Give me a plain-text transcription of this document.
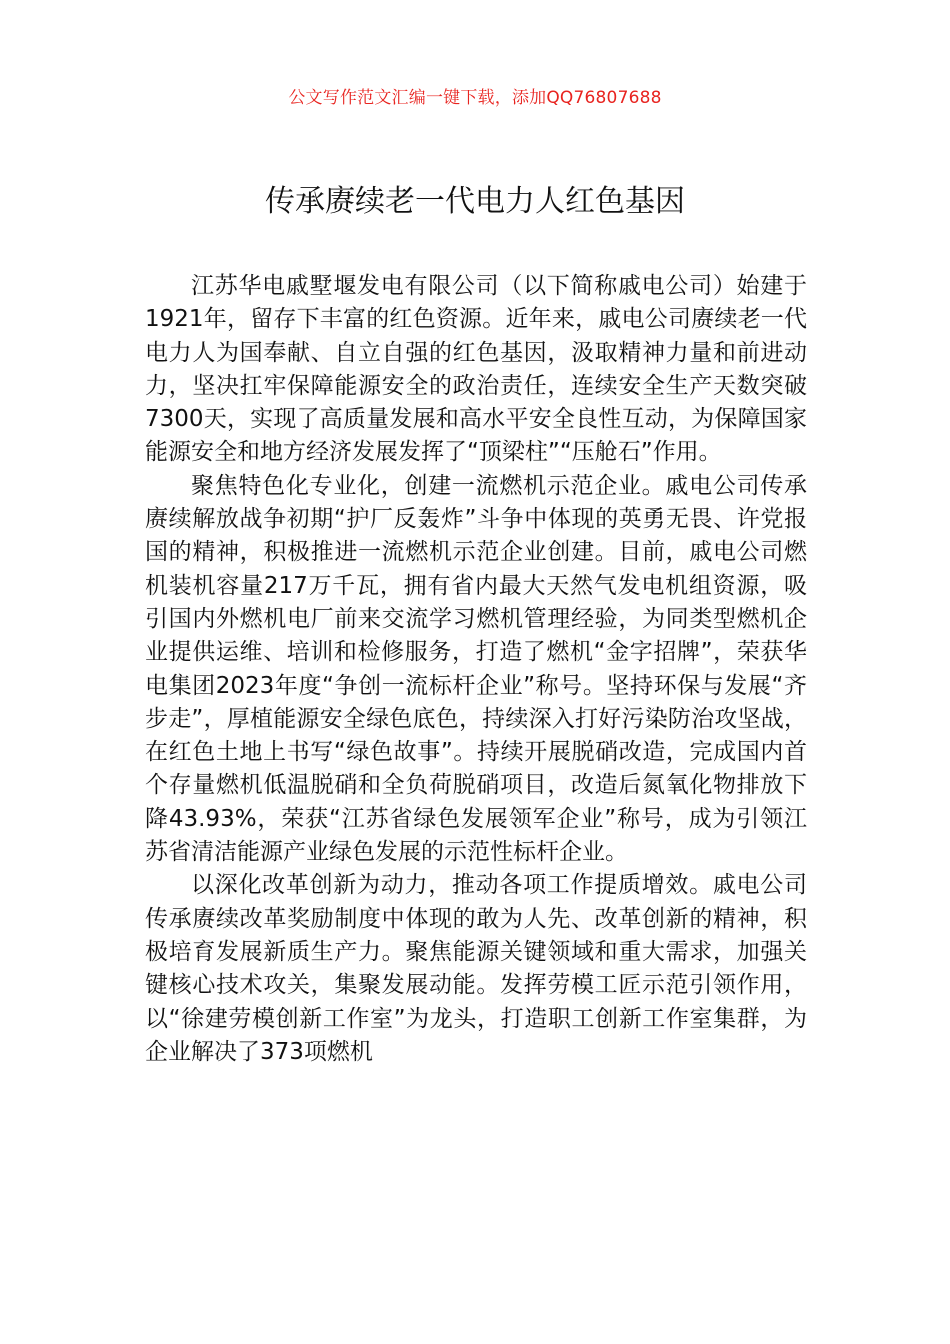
公文写作范文汇编一键下载，添加QQ76807688
传承赓续老一代电力人红色基因

江苏华电戚墅堰发电有限公司（以下简称戚电公司）始建于1921年，留存下丰富的红色资源。近年来，戚电公司赓续老一代电力人为国奉献、自立自强的红色基因，汲取精神力量和前进动力，坚决扛牢保障能源安全的政治责任，连续安全生产天数突破7300天，实现了高质量发展和高水平安全良性互动，为保障国家能源安全和地方经济发展发挥了“顶梁柱”“压舱石”作用。

聚焦特色化专业化，创建一流燃机示范企业。戚电公司传承赓续解放战争初期“护厂反轰炸”斗争中体现的英勇无畏、许党报国的精神，积极推进一流燃机示范企业创建。目前，戚电公司燃机装机容量217万千瓦，拥有省内最大天然气发电机组资源，吸引国内外燃机电厂前来交流学习燃机管理经验，为同类型燃机企业提供运维、培训和检修服务，打造了燃机“金字招牌”，荣获华电集团2023年度“争创一流标杆企业”称号。坚持环保与发展“齐步走”，厚植能源安全绿色底色，持续深入打好污染防治攻坚战，在红色土地上书写“绿色故事”。持续开展脱硝改造，完成国内首个存量燃机低温脱硝和全负荷脱硝项目，改造后氮氧化物排放下降43.93%，荣获“江苏省绿色发展领军企业”称号，成为引领江苏省清洁能源产业绿色发展的示范性标杆企业。

以深化改革创新为动力，推动各项工作提质增效。戚电公司传承赓续改革奖励制度中体现的敢为人先、改革创新的精神，积极培育发展新质生产力。聚焦能源关键领域和重大需求，加强关键核心技术攻关，集聚发展动能。发挥劳模工匠示范引领作用，以“徐建劳模创新工作室”为龙头，打造职工创新工作室集群，为企业解决了373项燃机
